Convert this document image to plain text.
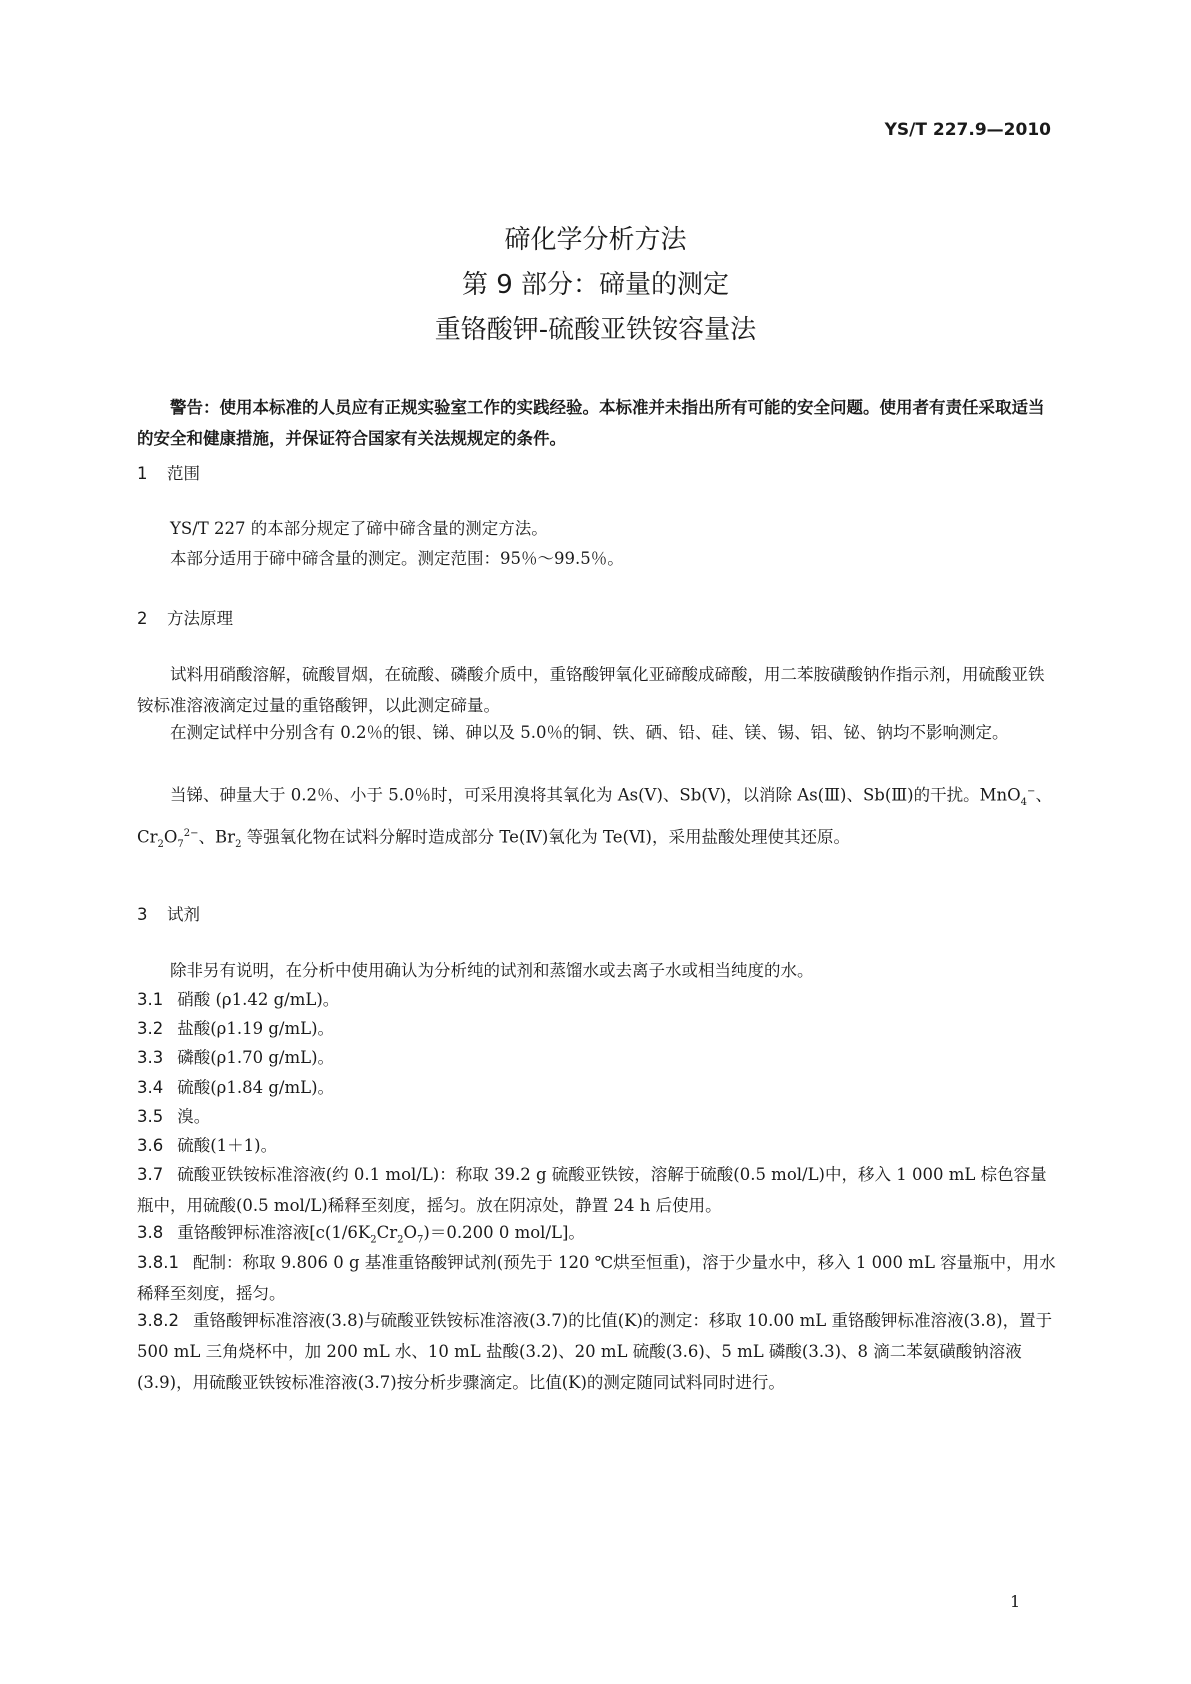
YS/T 227.9—2010
碲化学分析方法
第 9 部分：碲量的测定
重铬酸钾-硫酸亚铁铵容量法
警告：使用本标准的人员应有正规实验室工作的实践经验。本标准并未指出所有可能的安全问题。使用者有责任采取适当的安全和健康措施，并保证符合国家有关法规规定的条件。
1 范围
YS/T 227 的本部分规定了碲中碲含量的测定方法。
本部分适用于碲中碲含量的测定。测定范围：95％～99.5％。
2 方法原理
试料用硝酸溶解，硫酸冒烟，在硫酸、磷酸介质中，重铬酸钾氧化亚碲酸成碲酸，用二苯胺磺酸钠作指示剂，用硫酸亚铁铵标准溶液滴定过量的重铬酸钾，以此测定碲量。
在测定试样中分别含有 0.2％的银、锑、砷以及 5.0％的铜、铁、硒、铅、硅、镁、锡、铝、铋、钠均不影响测定。
当锑、砷量大于 0.2％、小于 5.0％时，可采用溴将其氧化为 As(Ⅴ)、Sb(Ⅴ)，以消除 As(Ⅲ)、Sb(Ⅲ)的干扰。MnO$_4$−、$Cr_2O_7^{2-}$、$Br_2$ 等强氧化物在试料分解时造成部分 Te(Ⅳ)氧化为 Te(Ⅵ)，采用盐酸处理使其还原。
3 试剂
除非另有说明，在分析中使用确认为分析纯的试剂和蒸馏水或去离子水或相当纯度的水。
3.1 硝酸 (ρ1.42 g/mL)。
3.2 盐酸(ρ1.19 g/mL)。
3.3 磷酸(ρ1.70 g/mL)。
3.4 硫酸(ρ1.84 g/mL)。
3.5 溴。
3.6 硫酸(1＋1)。
3.7 硫酸亚铁铵标准溶液(约 0.1 mol/L)：称取 39.2 g 硫酸亚铁铵，溶解于硫酸(0.5 mol/L)中，移入 1 000 mL 棕色容量瓶中，用硫酸(0.5 mol/L)稀释至刻度，摇匀。放在阴凉处，静置 24 h 后使用。
3.8 重铬酸钾标准溶液[$c(1/6K_2Cr_2O_7)=0.200$ 0 mol/L]。
3.8.1 配制：称取 9.806 0 g 基准重铬酸钾试剂(预先于 120 ℃烘至恒重)，溶于少量水中，移入 1 000 mL 容量瓶中，用水稀释至刻度，摇匀。
3.8.2 重铬酸钾标准溶液(3.8)与硫酸亚铁铵标准溶液(3.7)的比值(K)的测定：移取 10.00 mL 重铬酸钾标准溶液(3.8)，置于 500 mL 三角烧杯中，加 200 mL 水、10 mL 盐酸(3.2)、20 mL 硫酸(3.6)、5 mL 磷酸(3.3)、8 滴二苯氨磺酸钠溶液(3.9)，用硫酸亚铁铵标准溶液(3.7)按分析步骤滴定。比值(K)的测定随同试料同时进行。
1
